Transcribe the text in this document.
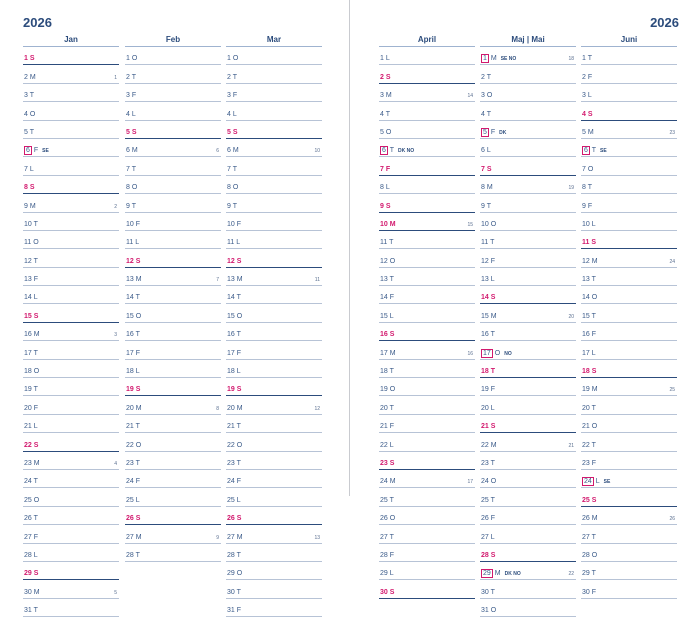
2026
Jan
1 S
2 M	1
3 T
4 O
5 T
6 F SE
7 L
8 S
9 M	2
10 T
11 O
12 T
13 F
14 L
15 S
16 M	3
17 T
18 O
19 T
20 F
21 L
22 S
23 M	4
24 T
25 O
26 T
27 F
28 L
29 S
30 M	5
31 T
Feb
1 O
2 T
3 F
4 L
5 S
6 M	6
7 T
8 O
9 T
10 F
11 L
12 S
13 M	7
14 T
15 O
16 T
17 F
18 L
19 S
20 M	8
21 T
22 O
23 T
24 F
25 L
26 S
27 M	9
28 T
Mar
1 O
2 T
3 F
4 L
5 S
6 M	10
7 T
8 O
9 T
10 F
11 L
12 S
13 M	11
14 T
15 O
16 T
17 F
18 L
19 S
20 M	12
21 T
22 O
23 T
24 F
25 L
26 S
27 M	13
28 T
29 O
30 T
31 F
2026
April
1 L
2 S
3 M	14
4 T
5 O
6 T DK NO
7 F
8 L
9 S
10 M	15
11 T
12 O
13 T
14 F
15 L
16 S
17 M	16
18 T
19 O
20 T
21 F
22 L
23 S
24 M	17
25 T
26 O
27 T
28 F
29 L
30 S
Maj | Mai
1 M SE NO	18
2 T
3 O
4 T
5 F DK
6 L
7 S
8 M	19
9 T
10 O
11 T
12 F
13 L
14 S
15 M	20
16 T
17 O NO
18 T
19 F
20 L
21 S
22 M	21
23 T
24 O
25 T
26 F
27 L
28 S
29 M DK NO	22
30 T
31 O
Juni
1 T
2 F
3 L
4 S
5 M	23
6 T SE
7 O
8 T
9 F
10 L
11 S
12 M	24
13 T
14 O
15 T
16 F
17 L
18 S
19 M	25
20 T
21 O
22 T
23 F
24 L SE
25 S
26 M	26
27 T
28 O
29 T
30 F
